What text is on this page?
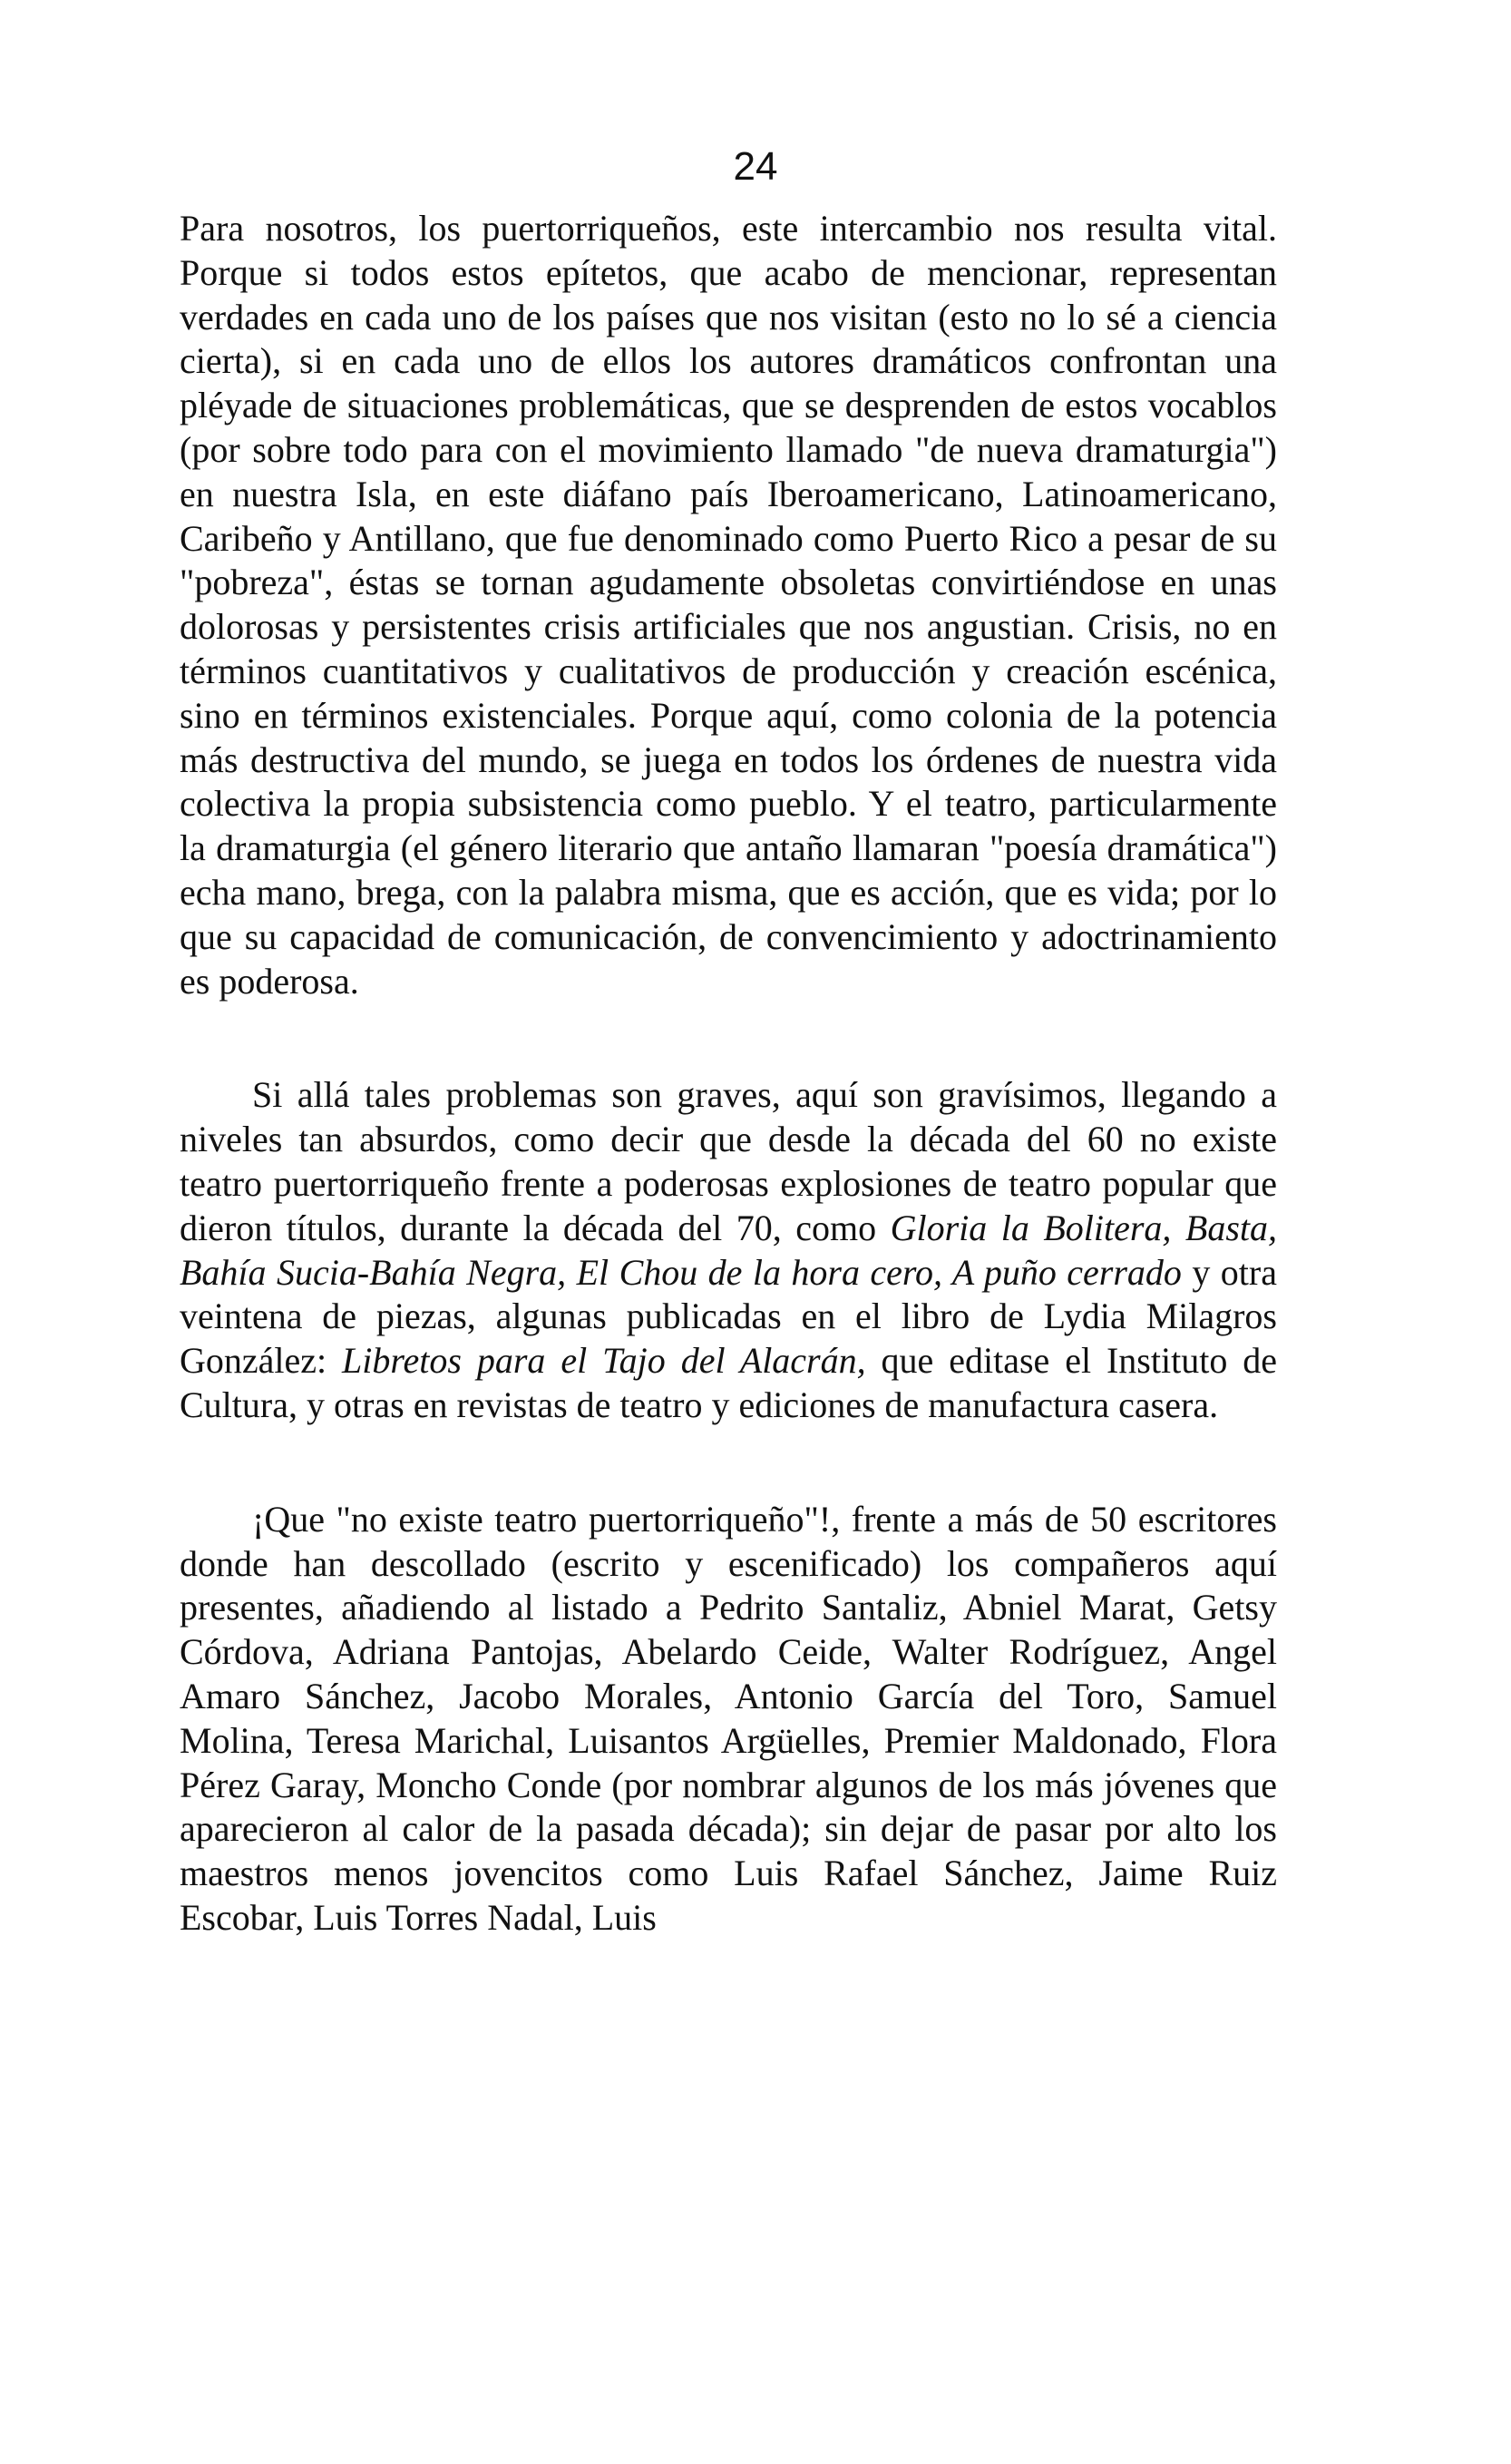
24

Para nosotros, los puertorriqueños, este intercambio nos resulta vital. Porque si todos estos epítetos, que acabo de mencionar, representan verdades en cada uno de los países que nos visitan (esto no lo sé a ciencia cierta), si en cada uno de ellos los autores dramáticos confrontan una pléyade de situaciones problemáticas, que se desprenden de estos vocablos (por sobre todo para con el movimiento llamado "de nueva dramaturgia") en nuestra Isla, en este diáfano país Iberoamericano, Latinoamericano, Caribeño y Antillano, que fue denominado como Puerto Rico a pesar de su "pobreza", éstas se tornan agudamente obsoletas convirtiéndose en unas dolorosas y persistentes crisis artificiales que nos angustian. Crisis, no en términos cuantitativos y cualitativos de producción y creación escénica, sino en términos existenciales. Porque aquí, como colonia de la potencia más destructiva del mundo, se juega en todos los órdenes de nuestra vida colectiva la propia subsistencia como pueblo. Y el teatro, particularmente la dramaturgia (el género literario que antaño llamaran "poesía dramática") echa mano, brega, con la palabra misma, que es acción, que es vida; por lo que su capacidad de comunicación, de convencimiento y adoctrinamiento es poderosa.

Si allá tales problemas son graves, aquí son gravísimos, llegando a niveles tan absurdos, como decir que desde la década del 60 no existe teatro puertorriqueño frente a poderosas explosiones de teatro popular que dieron títulos, durante la década del 70, como Gloria la Bolitera, Basta, Bahía Sucia-Bahía Negra, El Chou de la hora cero, A puño cerrado y otra veintena de piezas, algunas publicadas en el libro de Lydia Milagros González: Libretos para el Tajo del Alacrán, que editase el Instituto de Cultura, y otras en revistas de teatro y ediciones de manufactura casera.

¡Que "no existe teatro puertorriqueño"!, frente a más de 50 escritores donde han descollado (escrito y escenificado) los compañeros aquí presentes, añadiendo al listado a Pedrito Santaliz, Abniel Marat, Getsy Córdova, Adriana Pantojas, Abelardo Ceide, Walter Rodríguez, Angel Amaro Sánchez, Jacobo Morales, Antonio García del Toro, Samuel Molina, Teresa Marichal, Luisantos Argüelles, Premier Maldonado, Flora Pérez Garay, Moncho Conde (por nombrar algunos de los más jóvenes que aparecieron al calor de la pasada década); sin dejar de pasar por alto los maestros menos jovencitos como Luis Rafael Sánchez, Jaime Ruiz Escobar, Luis Torres Nadal, Luis
